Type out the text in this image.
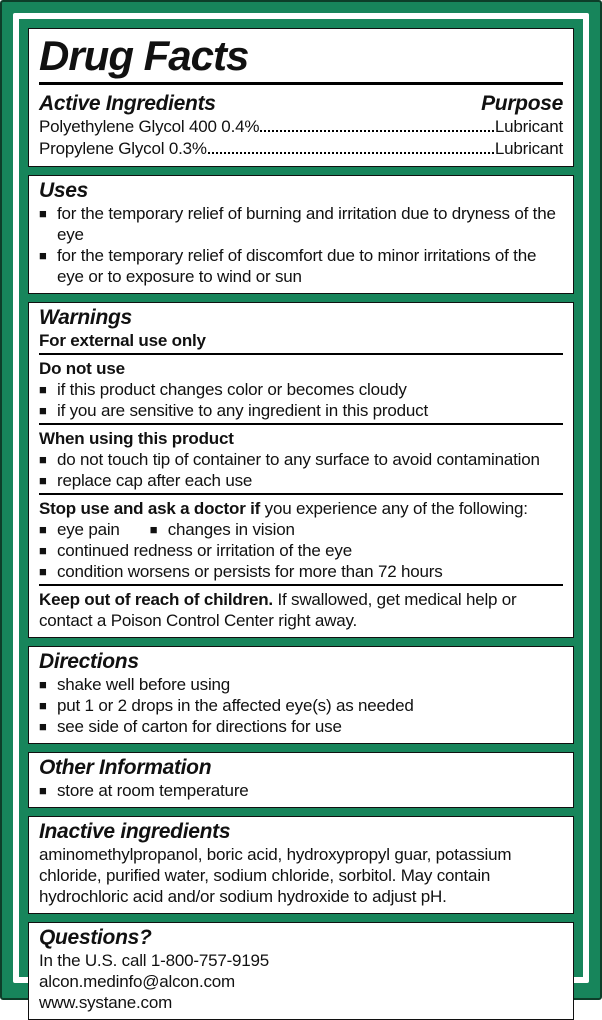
Drug Facts
Active Ingredients	Purpose
Polyethylene Glycol 400 0.4%	Lubricant
Propylene Glycol 0.3%	Lubricant
Uses
■ for the temporary relief of burning and irritation due to dryness of the eye
■ for the temporary relief of discomfort due to minor irritations of the eye or to exposure to wind or sun
Warnings
For external use only
Do not use
■ if this product changes color or becomes cloudy
■ if you are sensitive to any ingredient in this product
When using this product
■ do not touch tip of container to any surface to avoid contamination
■ replace cap after each use
Stop use and ask a doctor if you experience any of the following:
■ eye pain ■ changes in vision
■ continued redness or irritation of the eye
■ condition worsens or persists for more than 72 hours
Keep out of reach of children. If swallowed, get medical help or contact a Poison Control Center right away.
Directions
■ shake well before using
■ put 1 or 2 drops in the affected eye(s) as needed
■ see side of carton for directions for use
Other Information
■ store at room temperature
Inactive ingredients
aminomethylpropanol, boric acid, hydroxypropyl guar, potassium chloride, purified water, sodium chloride, sorbitol. May contain hydrochloric acid and/or sodium hydroxide to adjust pH.
Questions?
In the U.S. call 1-800-757-9195
alcon.medinfo@alcon.com
www.systane.com
